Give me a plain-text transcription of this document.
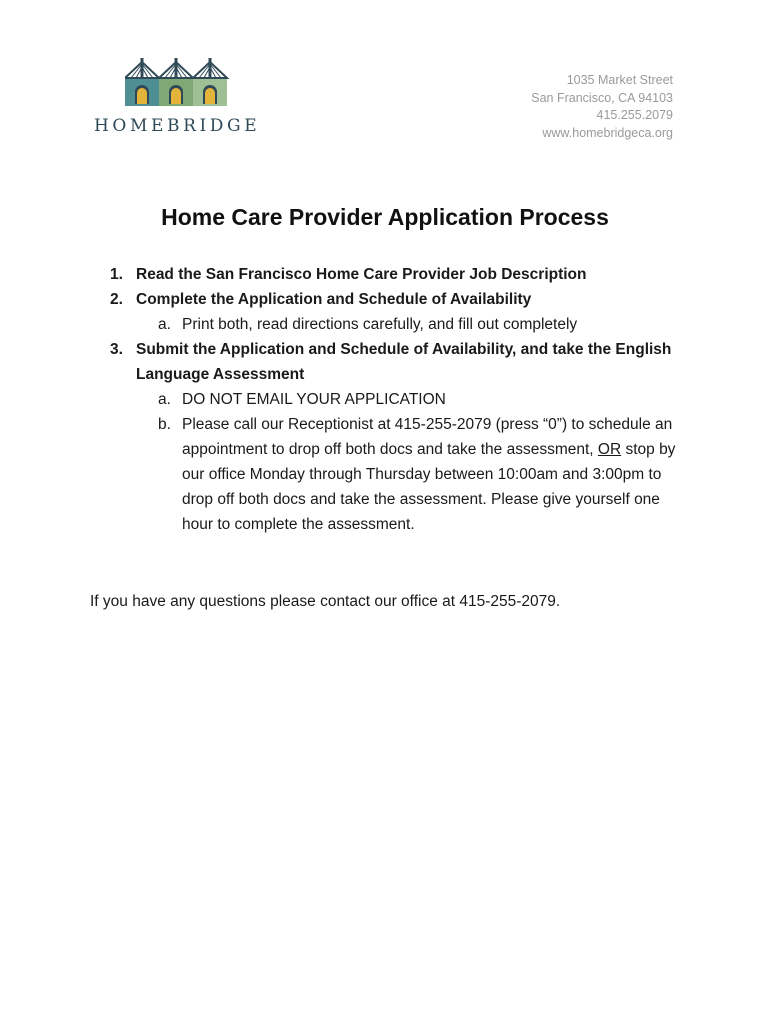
HOMEBRIDGE
1035 Market Street
San Francisco, CA 94103
415.255.2079
www.homebridgeca.org
Home Care Provider Application Process
1. Read the San Francisco Home Care Provider Job Description
2. Complete the Application and Schedule of Availability
a. Print both, read directions carefully, and fill out completely
3. Submit the Application and Schedule of Availability, and take the English Language Assessment
a. DO NOT EMAIL YOUR APPLICATION
b. Please call our Receptionist at 415-255-2079 (press “0”) to schedule an appointment to drop off both docs and take the assessment, OR stop by our office Monday through Thursday between 10:00am and 3:00pm to drop off both docs and take the assessment. Please give yourself one hour to complete the assessment.
If you have any questions please contact our office at 415-255-2079.
